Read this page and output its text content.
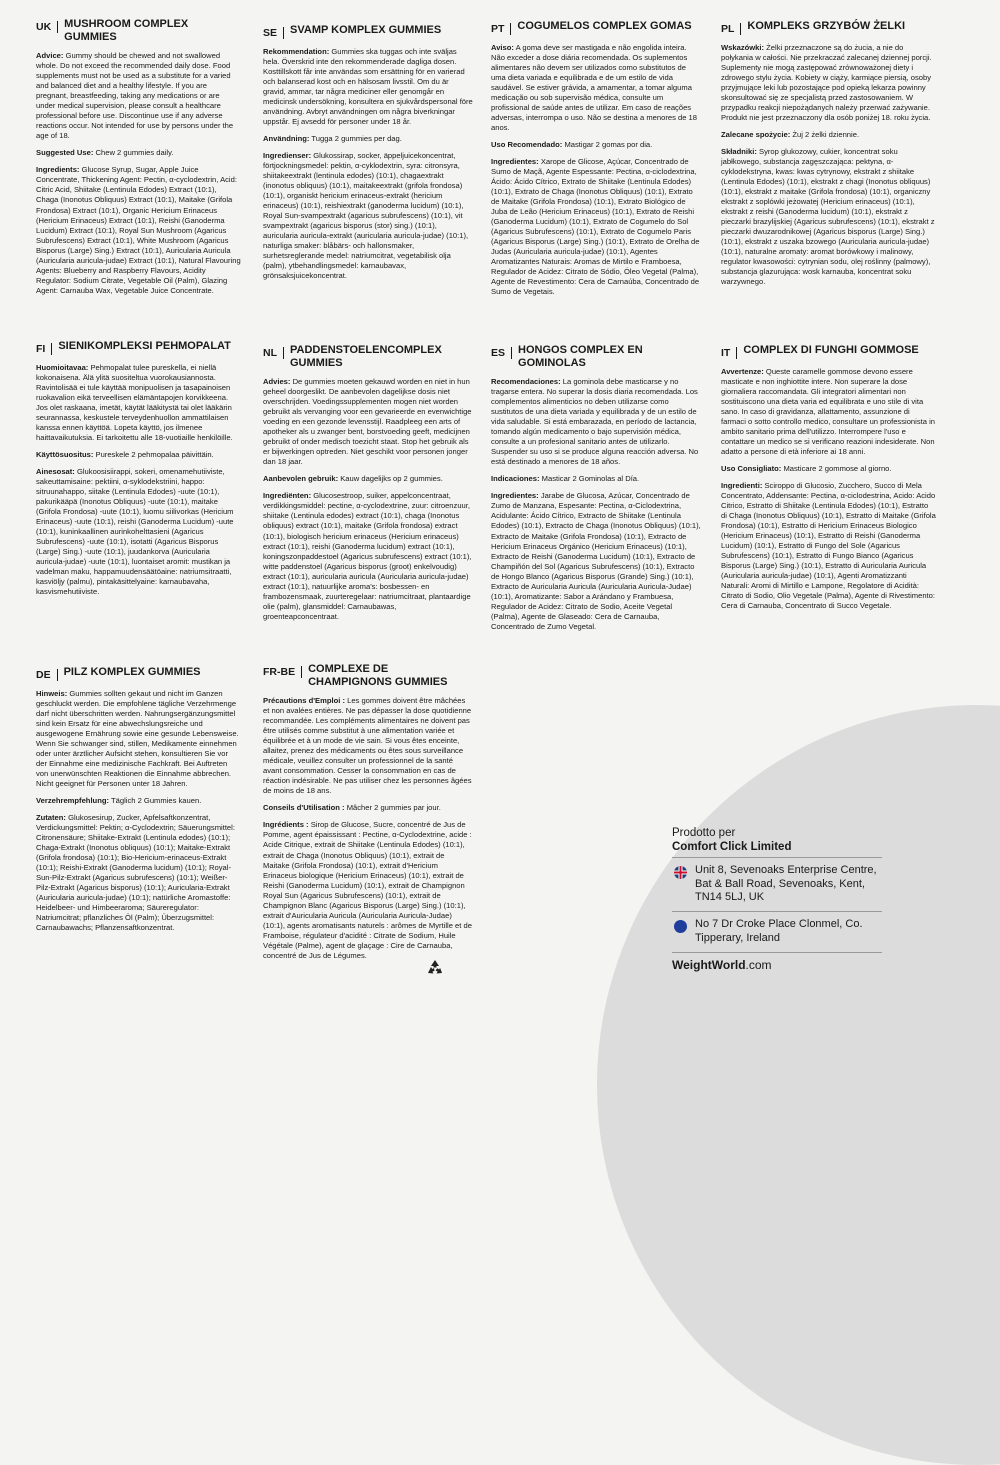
UK	MUSHROOM COMPLEX GUMMIES

Advice: Gummy should be chewed and not swallowed whole. Do not exceed the recommended daily dose. Food supplements must not be used as a substitute for a varied and balanced diet and a healthy lifestyle. If you are pregnant, breastfeeding, taking any medications or are under medical supervision, please consult a healthcare professional before use. Discontinue use if any adverse reactions occur. Not intended for use by persons under the age of 18.

Suggested Use: Chew 2 gummies daily.

Ingredients: Glucose Syrup, Sugar, Apple Juice Concentrate, Thickening Agent: Pectin, α-cyclodextrin, Acid: Citric Acid, Shiitake (Lentinula Edodes) Extract (10:1), Chaga (Inonotus Obliquus) Extract (10:1), Maitake (Grifola Frondosa) Extract (10:1), Organic Hericium Erinaceus (Hericium Erinaceus) Extract (10:1), Reishi (Ganoderma Lucidum) Extract (10:1), Royal Sun Mushroom (Agaricus Subrufescens) Extract (10:1), White Mushroom (Agaricus Bisporus (Large) Sing.) Extract (10:1), Auricularia Auricula (Auricularia auricula-judae) Extract (10:1), Natural Flavouring Agents: Blueberry and Raspberry Flavours, Acidity Regulator: Sodium Citrate, Vegetable Oil (Palm), Glazing Agent: Carnauba Wax, Vegetable Juice Concentrate.

SE	SVAMP KOMPLEX GUMMIES

Rekommendation: Gummies ska tuggas och inte sväljas hela. Överskrid inte den rekommenderade dagliga dosen. Kosttillskott får inte användas som ersättning för en varierad och balanserad kost och en hälsosam livsstil. Om du är gravid, ammar, tar några mediciner eller genomgår en medicinsk undersökning, konsultera en sjukvårdspersonal före användning. Avbryt användningen om några biverkningar uppstår. Ej avsedd för personer under 18 år.

Användning: Tugga 2 gummies per dag.

Ingredienser: Glukossirap, socker, äppeljuicekoncentrat, förtjockningsmedel: pektin, α-cyklodextrin, syra: citronsyra, shiitakeextrakt (lentinula edodes) (10:1), chagaextrakt (inonotus obliquus) (10:1), maitakeextrakt (grifola frondosa) (10:1), organiskt hericium erinaceus-extrakt (hericium erinaceus) (10:1), reishiextrakt (ganoderma lucidum) (10:1), Royal Sun-svampextrakt (agaricus subrufescens) (10:1), vit svampextrakt (agaricus bisporus (stor) sing.) (10:1), auricularia auricula-extrakt (auricularia auricula-judae) (10:1), naturliga smaker: blåbärs- och hallonsmaker, surhetsreglerande medel: natriumcitrat, vegetabilisk olja (palm), ytbehandlingsmedel: karnaubavax, grönsaksjuicekoncentrat.

PT	COGUMELOS COMPLEX GOMAS

Aviso: A goma deve ser mastigada e não engolida inteira. Não exceder a dose diária recomendada. Os suplementos alimentares não devem ser utilizados como substitutos de uma dieta variada e equilibrada e de um estilo de vida saudável. Se estiver grávida, a amamentar, a tomar alguma medicação ou sob supervisão médica, consulte um profissional de saúde antes de utilizar. Em caso de reações adversas, interrompa o uso. Não se destina a menores de 18 anos.

Uso Recomendado: Mastigar 2 gomas por dia.

Ingredientes: Xarope de Glicose, Açúcar, Concentrado de Sumo de Maçã, Agente Espessante: Pectina, α-ciclodextrina, Ácido: Ácido Cítrico, Extrato de Shiitake (Lentinula Edodes) (10:1), Extrato de Chaga (Inonotus Obliquus) (10:1), Extrato de Maitake (Grifola Frondosa) (10:1), Extrato Biológico de Juba de Leão (Hericium Erinaceus) (10:1), Extrato de Reishi (Ganoderma Lucidum) (10:1), Extrato de Cogumelo do Sol (Agaricus Subrufescens) (10:1), Extrato de Cogumelo Paris (Agaricus Bisporus (Large) Sing.) (10:1), Extrato de Orelha de Judas (Auricularia auricula-judae) (10:1), Agentes Aromatizantes Naturais: Aromas de Mirtilo e Framboesa, Regulador de Acidez: Citrato de Sódio, Óleo Vegetal (Palma), Agente de Revestimento: Cera de Carnaúba, Concentrado de Sumo de Vegetais.

PL	KOMPLEKS GRZYBÓW ŻELKI

Wskazówki: Żelki przeznaczone są do żucia, a nie do połykania w całości. Nie przekraczać zalecanej dziennej porcji. Suplementy nie mogą zastępować zrównoważonej diety i zdrowego stylu życia. Kobiety w ciąży, karmiące piersią, osoby przyjmujące leki lub pozostające pod opieką lekarza powinny skonsultować się ze specjalistą przed zastosowaniem. W przypadku reakcji niepożądanych należy przerwać zażywanie. Produkt nie jest przeznaczony dla osób poniżej 18. roku życia.

Zalecane spożycie: Żuj 2 żelki dziennie.

Składniki: Syrop glukozowy, cukier, koncentrat soku jabłkowego, substancja zagęszczająca: pektyna, α-cyklodekstryna, kwas: kwas cytrynowy, ekstrakt z shiitake (Lentinula Edodes) (10:1), ekstrakt z chagi (Inonotus obliquus) (10:1), ekstrakt z maitake (Grifola frondosa) (10:1), organiczny ekstrakt z soplówki jeżowatej (Hericium erinaceus) (10:1), ekstrakt z reishi (Ganoderma lucidum) (10:1), ekstrakt z pieczarki brazylijskiej (Agaricus subrufescens) (10:1), ekstrakt z pieczarki dwuzarodnikowej (Agaricus bisporus (Large) Sing.) (10:1), ekstrakt z uszaka bzowego (Auricularia auricula-judae) (10:1), naturalne aromaty: aromat borówkowy i malinowy, regulator kwasowości: cytrynian sodu, olej roślinny (palmowy), substancja glazurująca: wosk karnauba, koncentrat soku warzywnego.

FI	SIENIKOMPLEKSI PEHMOPALAT

Huomioitavaa: Pehmopalat tulee pureskella, ei niellä kokonaisena. Älä ylitä suositeltua vuorokausiannosta. Ravintolisää ei tule käyttää monipuolisen ja tasapainoisen ruokavalion eikä terveellisen elämäntapojen korvikkeena. Jos olet raskaana, imetät, käytät lääkitystä tai olet lääkärin seurannassa, keskustele terveydenhuollon ammattilaisen kanssa ennen käyttöä. Lopeta käyttö, jos ilmenee haittavaikutuksia. Ei tarkoitettu alle 18-vuotiaille henkilöille.

Käyttösuositus: Pureskele 2 pehmopalaa päivittäin.

Ainesosat: Glukoosisiirappi, sokeri, omenamehutiiviste, sakeuttamisaine: pektiini, α-syklodekstriini, happo: sitruunahappo, siitake (Lentinula Edodes) -uute (10:1), pakurikääpä (Inonotus Obliquus) -uute (10:1), maitake (Grifola Frondosa) -uute (10:1), luomu siilivorkas (Hericium Erinaceus) -uute (10:1), reishi (Ganoderma Lucidum) -uute (10:1), kuninkaallinen aurinkohelttasieni (Agaricus Subrufescens) -uute (10:1), isotatti (Agaricus Bisporus (Large) Sing.) -uute (10:1), juudankorva (Auricularia auricula-judae) -uute (10:1), luontaiset aromit: mustikan ja vadelman maku, happamuudensäätöaine: natriumsitraatti, kasviöljy (palmu), pintakäsittelyaine: karnaubavaha, kasvismehutiiviste.

NL	PADDENSTOELENCOMPLEX GUMMIES

Advies: De gummies moeten gekauwd worden en niet in hun geheel doorgeslikt. De aanbevolen dagelijkse dosis niet overschrijden. Voedingssupplementen mogen niet worden gebruikt als vervanging voor een gevarieerde en evenwichtige voeding en een gezonde levensstijl. Raadpleeg een arts of apotheker als u zwanger bent, borstvoeding geeft, medicijnen gebruikt of onder medisch toezicht staat. Stop het gebruik als er bijwerkingen optreden. Niet geschikt voor personen jonger dan 18 jaar.

Aanbevolen gebruik: Kauw dagelijks op 2 gummies.

Ingrediënten: Glucosestroop, suiker, appelconcentraat, verdikkingsmiddel: pectine, α-cyclodextrine, zuur: citroenzuur, shiitake (Lentinula edodes) extract (10:1), chaga (Inonotus obliquus) extract (10:1), maitake (Grifola frondosa) extract (10:1), biologisch hericium erinaceus (Hericium erinaceus) extract (10:1), reishi (Ganoderma lucidum) extract (10:1), koningszonpaddestoel (Agaricus subrufescens) extract (10:1), witte paddenstoel (Agaricus bisporus (groot) enkelvoudig) extract (10:1), auricularia auricula (Auricularia auricula-judae) extract (10:1), natuurlijke aroma's: bosbessen- en frambozensmaak, zuurteregelaar: natriumcitraat, plantaardige olie (palm), glansmiddel: Carnaubawas, groenteapconcentraat.

ES	HONGOS COMPLEX EN GOMINOLAS

Recomendaciones: La gominola debe masticarse y no tragarse entera. No superar la dosis diaria recomendada. Los complementos alimenticios no deben utilizarse como sustitutos de una dieta variada y equilibrada y de un estilo de vida saludable. Si está embarazada, en período de lactancia, tomando algún medicamento o bajo supervisión médica, consulte a un profesional sanitario antes de utilizarlo. Suspender su uso si se produce alguna reacción adversa. No está destinado a menores de 18 años.

Indicaciones: Masticar 2 Gominolas al Día.

Ingredientes: Jarabe de Glucosa, Azúcar, Concentrado de Zumo de Manzana, Espesante: Pectina, α-Ciclodextrina, Acidulante: Ácido Cítrico, Extracto de Shiitake (Lentinula Edodes) (10:1), Extracto de Chaga (Inonotus Obliquus) (10:1), Extracto de Maitake (Grifola Frondosa) (10:1), Extracto de Hericium Erinaceus Orgánico (Hericium Erinaceus) (10:1), Extracto de Reishi (Ganoderma Lucidum) (10:1), Extracto de Champiñón del Sol (Agaricus Subrufescens) (10:1), Extracto de Hongo Blanco (Agaricus Bisporus (Grande) Sing.) (10:1), Extracto de Auricularia Auricula (Auricularia Auricula-Judae) (10:1), Aromatizante: Sabor a Arándano y Frambuesa, Regulador de Acidez: Citrato de Sodio, Aceite Vegetal (Palma), Agente de Glaseado: Cera de Carnauba, Concentrado de Zumo Vegetal.

IT	COMPLEX DI FUNGHI GOMMOSE

Avvertenze: Queste caramelle gommose devono essere masticate e non inghiottite intere. Non superare la dose giornaliera raccomandata. Gli integratori alimentari non sostituiscono una dieta varia ed equilibrata e uno stile di vita sano. In caso di gravidanza, allattamento, assunzione di farmaci o sotto controllo medico, consultare un professionista in ambito sanitario prima dell'utilizzo. Interrompere l'uso e contattare un medico se si verificano reazioni indesiderate. Non adatto a persone di età inferiore ai 18 anni.

Uso Consigliato: Masticare 2 gommose al giorno.

Ingredienti: Sciroppo di Glucosio, Zucchero, Succo di Mela Concentrato, Addensante: Pectina, α-ciclodestrina, Acido: Acido Citrico, Estratto di Shiitake (Lentinula Edodes) (10:1), Estratto di Chaga (Inonotus Obliquus) (10:1), Estratto di Maitake (Grifola Frondosa) (10:1), Estratto di Hericium Erinaceus Biologico (Hericium Erinaceus) (10:1), Estratto di Reishi (Ganoderma Lucidum) (10:1), Estratto di Fungo del Sole (Agaricus Subrufescens) (10:1), Estratto di Fungo Bianco (Agaricus Bisporus (Large) Sing.) (10:1), Estratto di Auricularia Auricula (Auricularia auricula-judae) (10:1), Agenti Aromatizzanti Naturali: Aromi di Mirtillo e Lampone, Regolatore di Acidità: Citrato di Sodio, Olio Vegetale (Palma), Agente di Rivestimento: Cera di Carnauba, Concentrato di Succo Vegetale.

DE	PILZ KOMPLEX GUMMIES

Hinweis: Gummies sollten gekaut und nicht im Ganzen geschluckt werden. Die empfohlene tägliche Verzehrmenge darf nicht überschritten werden. Nahrungsergänzungsmittel sind kein Ersatz für eine abwechslungsreiche und ausgewogene Ernährung sowie eine gesunde Lebensweise. Wenn Sie schwanger sind, stillen, Medikamente einnehmen oder unter ärztlicher Aufsicht stehen, konsultieren Sie vor der Einnahme eine medizinische Fachkraft. Bei Auftreten von unerwünschten Reaktionen die Einnahme abbrechen. Nicht geeignet für Personen unter 18 Jahren.

Verzehrempfehlung: Täglich 2 Gummies kauen.

Zutaten: Glukosesirup, Zucker, Apfelsaftkonzentrat, Verdickungsmittel: Pektin; α-Cyclodextrin; Säuerungsmittel: Citronensäure; Shiitake-Extrakt (Lentinula edodes) (10:1); Chaga-Extrakt (Inonotus obliquus) (10:1); Maitake-Extrakt (Grifola frondosa) (10:1); Bio-Hericium-erinaceus-Extrakt (10:1); Reishi-Extrakt (Ganoderma lucidum) (10:1); Royal-Sun-Pilz-Extrakt (Agaricus subrufescens) (10:1); Weißer-Pilz-Extrakt (Agaricus bisporus) (10:1); Auricularia-Extrakt (Auricularia auricula-judae) (10:1); natürliche Aromastoffe: Heidelbeer- und Himbeeraroma; Säureregulator: Natriumcitrat; pflanzliches Öl (Palm); Überzugsmittel: Carnaubawachs; Pflanzensaftkonzentrat.

FR-BE	COMPLEXE DE CHAMPIGNONS GUMMIES

Précautions d'Emploi : Les gommes doivent être mâchées et non avalées entières. Ne pas dépasser la dose quotidienne recommandée. Les compléments alimentaires ne doivent pas être utilisés comme substitut à une alimentation variée et équilibrée et à un mode de vie sain. Si vous êtes enceinte, allaitez, prenez des médicaments ou êtes sous surveillance médicale, veuillez consulter un professionnel de la santé avant consommation. Cesser la consommation en cas de réaction indésirable. Ne pas utiliser chez les personnes âgées de moins de 18 ans.

Conseils d'Utilisation : Mâcher 2 gummies par jour.

Ingrédients : Sirop de Glucose, Sucre, concentré de Jus de Pomme, agent épaississant : Pectine, α-Cyclodextrine, acide : Acide Citrique, extrait de Shiitake (Lentinula Edodes) (10:1), extrait de Chaga (Inonotus Obliquus) (10:1), extrait de Maitake (Grifola Frondosa) (10:1), extrait d'Hericium Erinaceus biologique (Hericium Erinaceus) (10:1), extrait de Reishi (Ganoderma Lucidum) (10:1), extrait de Champignon Royal Sun (Agaricus Subrufescens) (10:1), extrait de Champignon Blanc (Agaricus Bisporus (Large) Sing.) (10:1), extrait d'Auricularia Auricula (Auricularia Auricula-Judae) (10:1), agents aromatisants naturels : arômes de Myrtille et de Framboise, régulateur d'acidité : Citrate de Sodium, Huile Végétale (Palme), agent de glaçage : Cire de Carnauba, concentré de Jus de Légumes.

Prodotto per
Comfort Click Limited
Unit 8, Sevenoaks Enterprise Centre, Bat & Ball Road, Sevenoaks, Kent, TN14 5LJ, UK
No 7 Dr Croke Place Clonmel, Co. Tipperary, Ireland
WeightWorld.com
